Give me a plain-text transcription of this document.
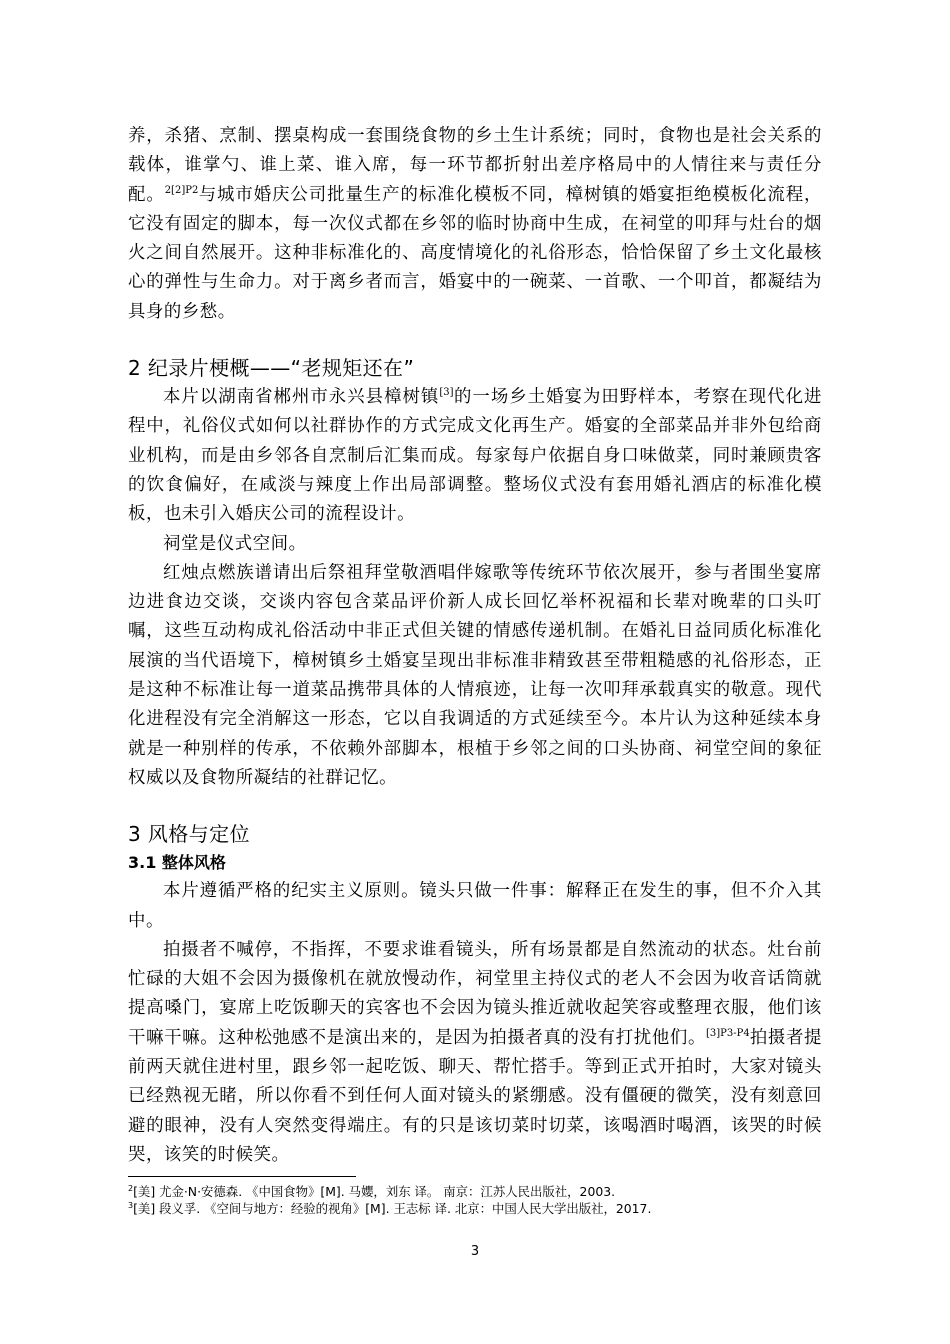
养，杀猪、烹制、摆桌构成一套围绕食物的乡土生计系统；同时，食物也是社会关系的载体，谁掌勺、谁上菜、谁入席，每一环节都折射出差序格局中的人情往来与责任分配。$^{2[2]P2}$与城市婚庆公司批量生产的标准化模板不同，樟树镇的婚宴拒绝模板化流程，它没有固定的脚本，每一次仪式都在乡邻的临时协商中生成，在祠堂的叩拜与灶台的烟火之间自然展开。这种非标准化的、高度情境化的礼俗形态，恰恰保留了乡土文化最核心的弹性与生命力。对于离乡者而言，婚宴中的一碗菜、一首歌、一个叩首，都凝结为具身的乡愁。

2 纪录片梗概——“老规矩还在”

本片以湖南省郴州市永兴县樟树镇[3]的一场乡土婚宴为田野样本，考察在现代化进程中，礼俗仪式如何以社群协作的方式完成文化再生产。婚宴的全部菜品并非外包给商业机构，而是由乡邻各自烹制后汇集而成。每家每户依据自身口味做菜，同时兼顾贵客的饮食偏好，在咸淡与辣度上作出局部调整。整场仪式没有套用婚礼酒店的标准化模板，也未引入婚庆公司的流程设计。

祠堂是仪式空间。

红烛点燃族谱请出后祭祖拜堂敬酒唱伴嫁歌等传统环节依次展开，参与者围坐宴席边进食边交谈，交谈内容包含菜品评价新人成长回忆举杯祝福和长辈对晚辈的口头叮嘱，这些互动构成礼俗活动中非正式但关键的情感传递机制。在婚礼日益同质化标准化展演的当代语境下，樟树镇乡土婚宴呈现出非标准非精致甚至带粗糙感的礼俗形态，正是这种不标准让每一道菜品携带具体的人情痕迹，让每一次叩拜承载真实的敬意。现代化进程没有完全消解这一形态，它以自我调适的方式延续至今。本片认为这种延续本身就是一种别样的传承，不依赖外部脚本，根植于乡邻之间的口头协商、祠堂空间的象征权威以及食物所凝结的社群记忆。

3 风格与定位
3.1 整体风格

本片遵循严格的纪实主义原则。镜头只做一件事：解释正在发生的事，但不介入其中。

拍摄者不喊停，不指挥，不要求谁看镜头，所有场景都是自然流动的状态。灶台前忙碌的大姐不会因为摄像机在就放慢动作，祠堂里主持仪式的老人不会因为收音话筒就提高嗓门，宴席上吃饭聊天的宾客也不会因为镜头推近就收起笑容或整理衣服，他们该干嘛干嘛。这种松弛感不是演出来的，是因为拍摄者真的没有打扰他们。$^{[3]P3-P4}$拍摄者提前两天就住进村里，跟乡邻一起吃饭、聊天、帮忙搭手。等到正式开拍时，大家对镜头已经熟视无睹，所以你看不到任何人面对镜头的紧绷感。没有僵硬的微笑，没有刻意回避的眼神，没有人突然变得端庄。有的只是该切菜时切菜，该喝酒时喝酒，该哭的时候哭，该笑的时候笑。

$^2$[美] 尤金·N·安德森. 《中国食物》[M]. 马孆，刘东 译。 南京：江苏人民出版社，2003.
$^3$[美] 段义孚. 《空间与地方：经验的视角》[M]. 王志标 译. 北京：中国人民大学出版社，2017.
3
